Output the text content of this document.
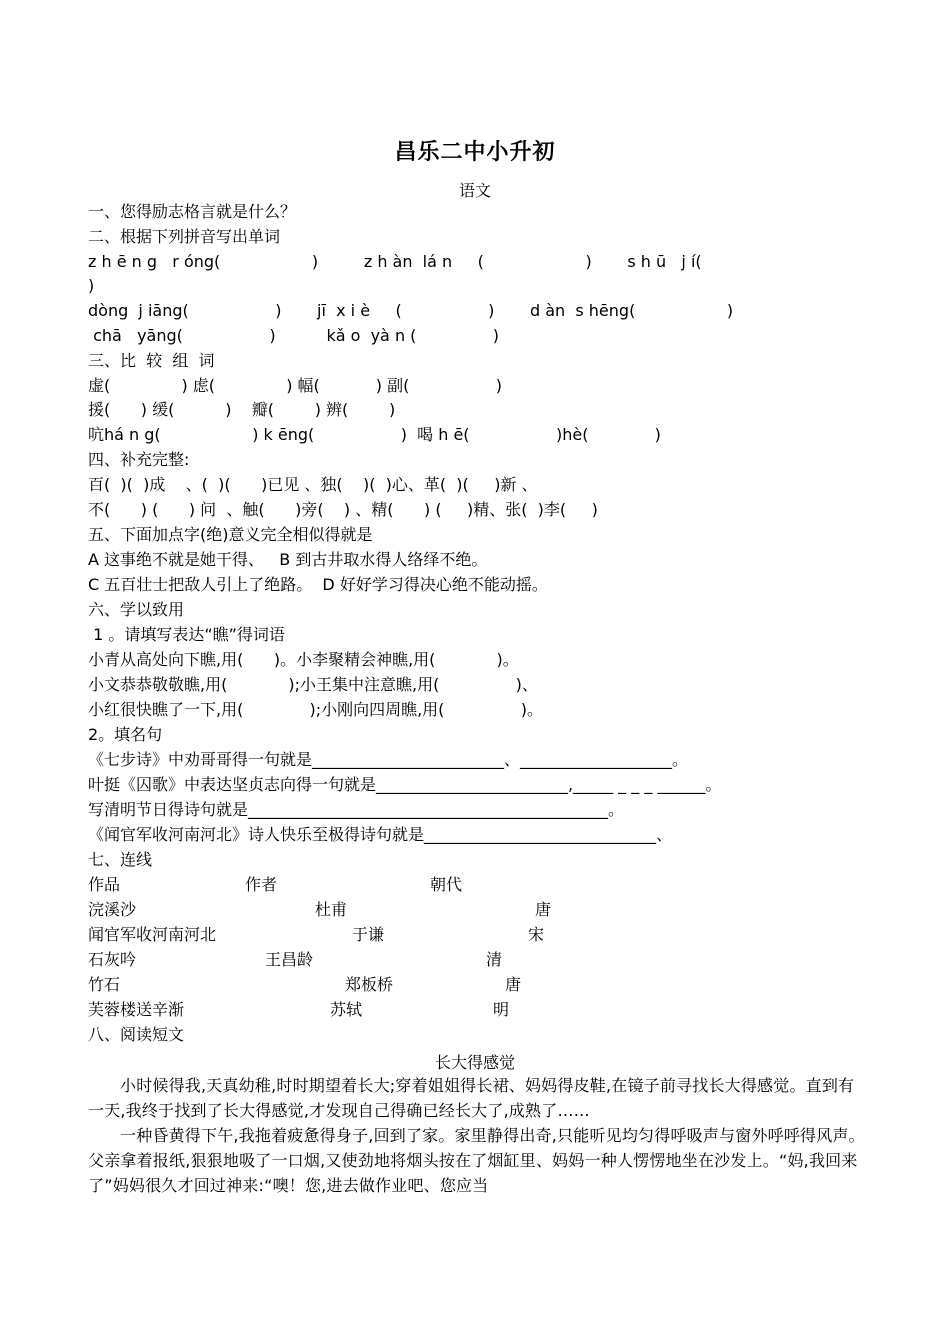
昌乐二中小升初
语文
一、您得励志格言就是什么？
二、根据下列拼音写出单词
z h ē n g   r óng(                  )         z h àn  lá n     (                    )       s h ū   j í(
)
dòng  j iāng(                 )       jī  x i è     (                 )       d àn  s hēng(                  )
chā   yāng(                 )          kǎ o  yà n (               )
三、比  较  组  词
虚(              ) 虑(              ) 幅(           ) 副(                 )
援(      ) 缓(          )    瓣(        ) 辨(        )
吭há n g(                  ) k ēng(                 )  喝 h ē(                 )hè(             )
四、补充完整:
百(  )(  )成    、(  )(      )已见 、独(    )(  )心、革(  )(     )新 、
不(      ) (      ) 问  、触(      )旁(    ) 、精(      ) (     )精、张(  )李(     )
五、下面加点字(绝)意义完全相似得就是
A 这事绝不就是她干得、   B 到古井取水得人络绎不绝。
C 五百壮士把敌人引上了绝路。  D 好好学习得决心绝不能动摇。
六、学以致用
1 。请填写表达“瞧”得词语
小青从高处向下瞧,用(      )。小李聚精会神瞧,用(            )。
小文恭恭敬敬瞧,用(            );小王集中注意瞧,用(               )、
小红很快瞧了一下,用(             );小刚向四周瞧,用(               )。
2。填名句
《七步诗》中劝哥哥得一句就是________________________、___________________。
叶挺《囚歌》中表达坚贞志向得一句就是________________________,_____ _ _ _ ______。
写清明节日得诗句就是_____________________________________________。
《闻官军收河南河北》诗人快乐至极得诗句就是_____________________________、
七、连线
作品	作者	朝代
浣溪沙
闻官军收河南河北
石灰吟
竹石
芙蓉楼送辛渐
杜甫
于谦
王昌龄
郑板桥
苏轼
唐
宋
清
唐
明
八、阅读短文
长大得感觉
小时候得我,天真幼稚,时时期望着长大;穿着姐姐得长裙、妈妈得皮鞋,在镜子前寻找长大得感觉。直到有一天,我终于找到了长大得感觉,才发现自己得确已经长大了,成熟了……
一种昏黄得下午,我拖着疲惫得身子,回到了家。家里静得出奇,只能听见均匀得呼吸声与窗外呼呼得风声。父亲拿着报纸,狠狠地吸了一口烟,又使劲地将烟头按在了烟缸里、妈妈一种人愣愣地坐在沙发上。“妈,我回来了”妈妈很久才回过神来:“噢！您,进去做作业吧、您应当
